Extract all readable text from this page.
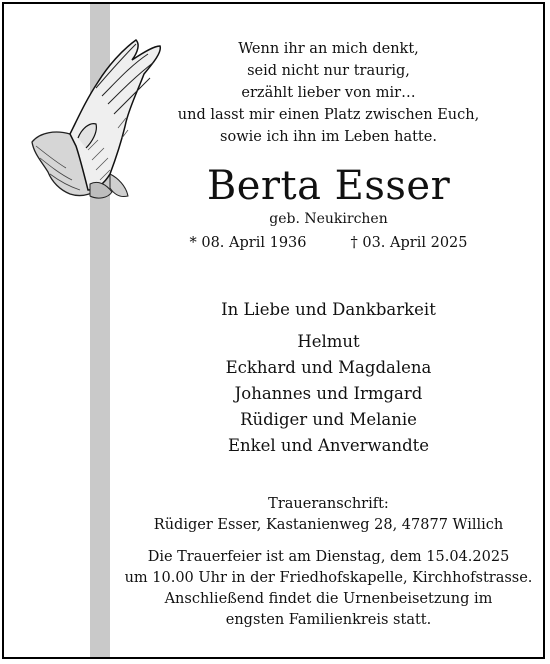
Wenn ihr an mich denkt,
seid nicht nur traurig,
erzählt lieber von mir…
und lasst mir einen Platz zwischen Euch,
sowie ich ihn im Leben hatte.
Berta Esser
geb. Neukirchen
* 08. April 1936	† 03. April 2025
In Liebe und Dankbarkeit
Helmut
Eckhard und Magdalena
Johannes und Irmgard
Rüdiger und Melanie
Enkel und Anverwandte
Traueranschrift:
Rüdiger Esser, Kastanienweg 28, 47877 Willich
Die Trauerfeier ist am Dienstag, dem 15.04.2025
um 10.00 Uhr in der Friedhofskapelle, Kirchhofstrasse.
Anschließend findet die Urnenbeisetzung im
engsten Familienkreis statt.
